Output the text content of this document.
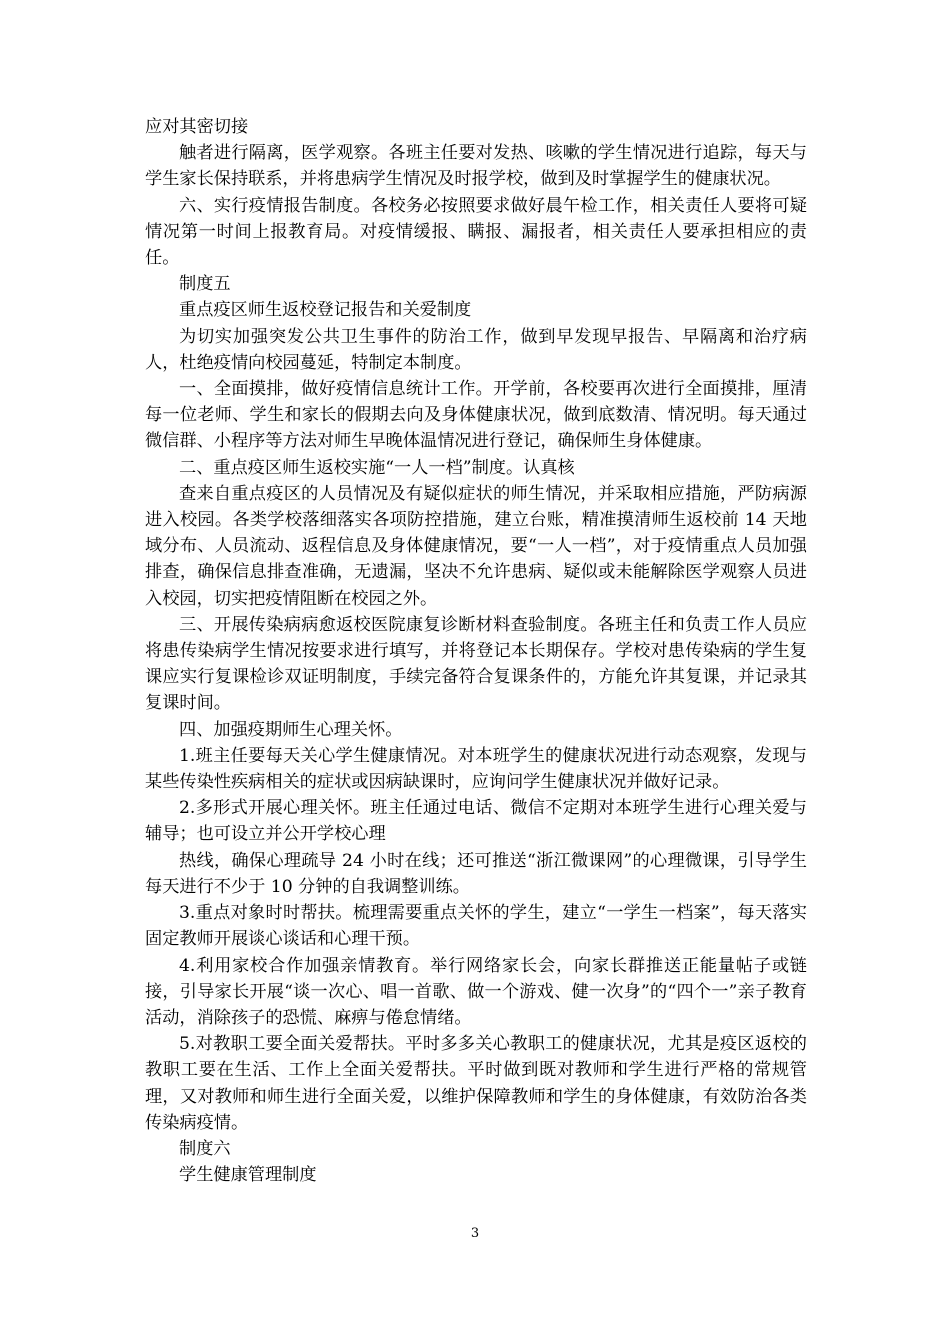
应对其密切接

触者进行隔离，医学观察。各班主任要对发热、咳嗽的学生情况进行追踪，每天与学生家长保持联系，并将患病学生情况及时报学校，做到及时掌握学生的健康状况。

六、实行疫情报告制度。各校务必按照要求做好晨午检工作，相关责任人要将可疑情况第一时间上报教育局。对疫情缓报、瞒报、漏报者，相关责任人要承担相应的责任。

制度五

重点疫区师生返校登记报告和关爱制度

为切实加强突发公共卫生事件的防治工作，做到早发现早报告、早隔离和治疗病人，杜绝疫情向校园蔓延，特制定本制度。

一、全面摸排，做好疫情信息统计工作。开学前，各校要再次进行全面摸排，厘清每一位老师、学生和家长的假期去向及身体健康状况，做到底数清、情况明。每天通过微信群、小程序等方法对师生早晚体温情况进行登记，确保师生身体健康。

二、重点疫区师生返校实施“一人一档”制度。认真核

查来自重点疫区的人员情况及有疑似症状的师生情况，并采取相应措施，严防病源进入校园。各类学校落细落实各项防控措施，建立台账，精准摸清师生返校前 14 天地域分布、人员流动、返程信息及身体健康情况，要“一人一档”，对于疫情重点人员加强排查，确保信息排查准确，无遗漏，坚决不允许患病、疑似或未能解除医学观察人员进入校园，切实把疫情阻断在校园之外。

三、开展传染病病愈返校医院康复诊断材料查验制度。各班主任和负责工作人员应将患传染病学生情况按要求进行填写，并将登记本长期保存。学校对患传染病的学生复课应实行复课检诊双证明制度，手续完备符合复课条件的，方能允许其复课，并记录其复课时间。

四、加强疫期师生心理关怀。

1.班主任要每天关心学生健康情况。对本班学生的健康状况进行动态观察，发现与某些传染性疾病相关的症状或因病缺课时，应询问学生健康状况并做好记录。

2.多形式开展心理关怀。班主任通过电话、微信不定期对本班学生进行心理关爱与辅导；也可设立并公开学校心理

热线，确保心理疏导 24 小时在线；还可推送“浙江微课网”的心理微课，引导学生每天进行不少于 10 分钟的自我调整训练。

3.重点对象时时帮扶。梳理需要重点关怀的学生，建立“一学生一档案”，每天落实固定教师开展谈心谈话和心理干预。

4.利用家校合作加强亲情教育。举行网络家长会，向家长群推送正能量帖子或链接，引导家长开展“谈一次心、唱一首歌、做一个游戏、健一次身”的“四个一”亲子教育活动，消除孩子的恐慌、麻痹与倦怠情绪。

5.对教职工要全面关爱帮扶。平时多多关心教职工的健康状况，尤其是疫区返校的教职工要在生活、工作上全面关爱帮扶。平时做到既对教师和学生进行严格的常规管理，又对教师和师生进行全面关爱，以维护保障教师和学生的身体健康，有效防治各类传染病疫情。

制度六

学生健康管理制度

3
